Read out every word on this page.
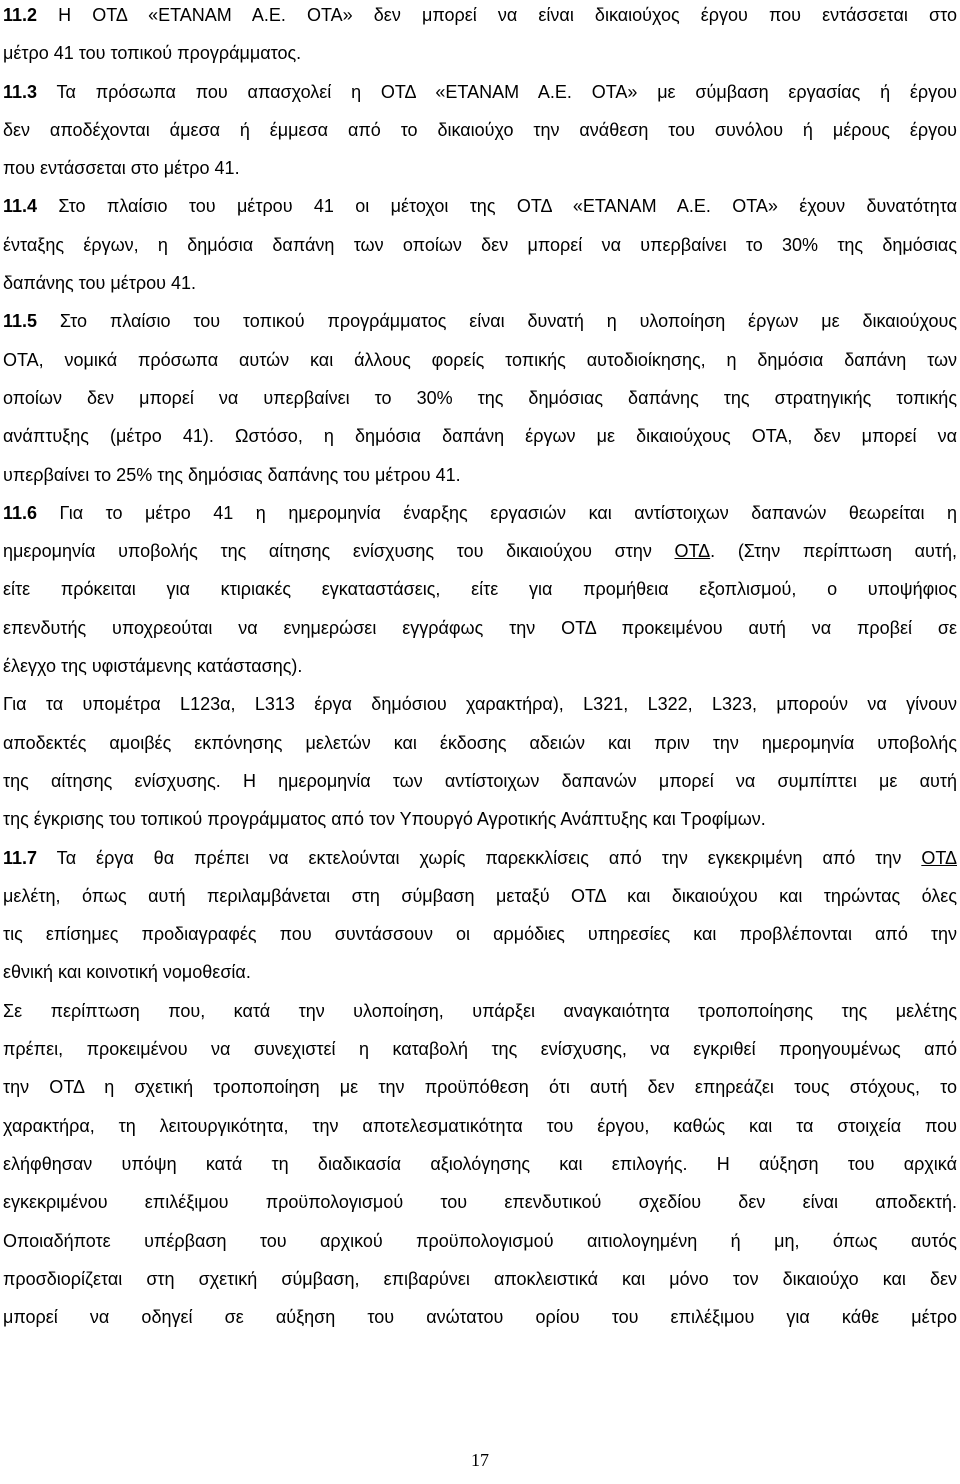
11.2 Η ΟΤΔ «ΕΤΑΝΑΜ Α.Ε. ΟΤΑ» δεν μπορεί να είναι δικαιούχος έργου που εντάσσεται στο
μέτρο 41 του τοπικού προγράμματος.
11.3 Τα πρόσωπα που απασχολεί η ΟΤΔ «ΕΤΑΝΑΜ Α.Ε. ΟΤΑ» με σύμβαση εργασίας ή έργου
δεν αποδέχονται άμεσα ή έμμεσα από το δικαιούχο την ανάθεση του συνόλου ή μέρους έργου
που εντάσσεται στο μέτρο 41.
11.4 Στο πλαίσιο του μέτρου 41 οι μέτοχοι της ΟΤΔ «ΕΤΑΝΑΜ Α.Ε. ΟΤΑ» έχουν δυνατότητα
ένταξης έργων, η δημόσια δαπάνη των οποίων δεν μπορεί να υπερβαίνει το 30% της δημόσιας
δαπάνης του μέτρου 41.
11.5 Στο πλαίσιο του τοπικού προγράμματος είναι δυνατή η υλοποίηση έργων με δικαιούχους
ΟΤΑ, νομικά πρόσωπα αυτών και άλλους φορείς τοπικής αυτοδιοίκησης, η δημόσια δαπάνη των
οποίων δεν μπορεί να υπερβαίνει το 30% της δημόσιας δαπάνης της στρατηγικής τοπικής
ανάπτυξης (μέτρο 41). Ωστόσο, η δημόσια δαπάνη έργων με δικαιούχους ΟΤΑ, δεν μπορεί να
υπερβαίνει το 25% της δημόσιας δαπάνης του μέτρου 41.
11.6 Για το μέτρο 41 η ημερομηνία έναρξης εργασιών και αντίστοιχων δαπανών θεωρείται η
ημερομηνία υποβολής της αίτησης ενίσχυσης του δικαιούχου στην ΟΤΔ. (Στην περίπτωση αυτή,
είτε πρόκειται για κτιριακές εγκαταστάσεις, είτε για προμήθεια εξοπλισμού, ο υποψήφιος
επενδυτής υποχρεούται να ενημερώσει εγγράφως την ΟΤΔ προκειμένου αυτή να προβεί σε
έλεγχο της υφιστάμενης κατάστασης).
Για τα υπομέτρα L123α, L313 έργα δημόσιου χαρακτήρα), L321, L322, L323, μπορούν να γίνουν
αποδεκτές αμοιβές εκπόνησης μελετών και έκδοσης αδειών και πριν την ημερομηνία υποβολής
της αίτησης ενίσχυσης. Η ημερομηνία των αντίστοιχων δαπανών μπορεί να συμπίπτει με αυτή
της έγκρισης του τοπικού προγράμματος από τον Υπουργό Αγροτικής Ανάπτυξης και Τροφίμων.
11.7 Τα έργα θα πρέπει να εκτελούνται χωρίς παρεκκλίσεις από την εγκεκριμένη από την ΟΤΔ
μελέτη, όπως αυτή περιλαμβάνεται στη σύμβαση μεταξύ ΟΤΔ και δικαιούχου και τηρώντας όλες
τις επίσημες προδιαγραφές που συντάσσουν οι αρμόδιες υπηρεσίες και προβλέπονται από την
εθνική και κοινοτική νομοθεσία.
Σε περίπτωση που, κατά την υλοποίηση, υπάρξει αναγκαιότητα τροποποίησης της μελέτης
πρέπει, προκειμένου να συνεχιστεί η καταβολή της ενίσχυσης, να εγκριθεί προηγουμένως από
την ΟΤΔ η σχετική τροποποίηση με την προϋπόθεση ότι αυτή δεν επηρεάζει τους στόχους, το
χαρακτήρα, τη λειτουργικότητα, την αποτελεσματικότητα του έργου, καθώς και τα στοιχεία που
ελήφθησαν υπόψη κατά τη διαδικασία αξιολόγησης και επιλογής. Η αύξηση του αρχικά
εγκεκριμένου επιλέξιμου προϋπολογισμού του επενδυτικού σχεδίου δεν είναι αποδεκτή.
Οποιαδήποτε υπέρβαση του αρχικού προϋπολογισμού αιτιολογημένη ή μη, όπως αυτός
προσδιορίζεται στη σχετική σύμβαση, επιβαρύνει αποκλειστικά και μόνο τον δικαιούχο και δεν
μπορεί να οδηγεί σε αύξηση του ανώτατου ορίου του επιλέξιμου για κάθε μέτρο
17
